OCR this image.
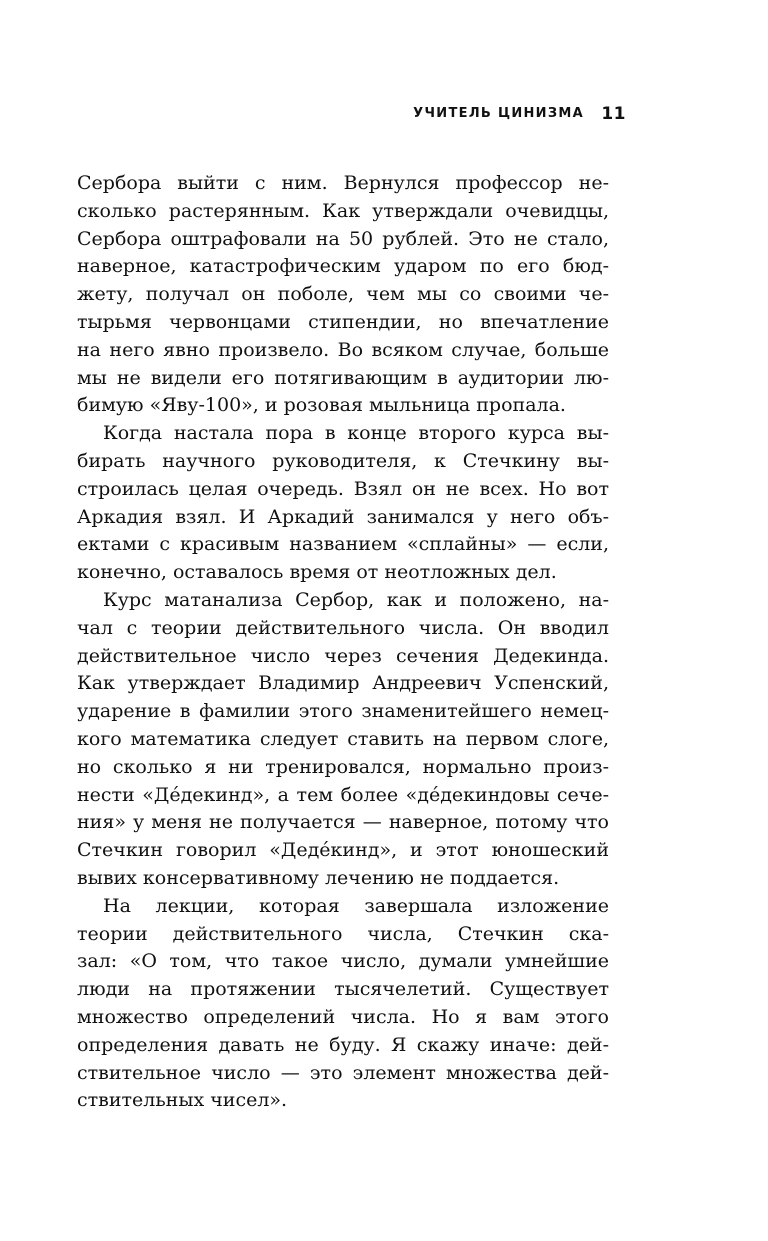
УЧИТЕЛЬ ЦИНИЗМА 11
Сербора выйти с ним. Вернулся профессор не-
сколько растерянным. Как утверждали очевидцы,
Сербора оштрафовали на 50 рублей. Это не стало,
наверное, катастрофическим ударом по его бюд-
жету, получал он поболе, чем мы со своими че-
тырьмя червонцами стипендии, но впечатление
на него явно произвело. Во всяком случае, больше
мы не видели его потягивающим в аудитории лю-
бимую «Яву-100», и розовая мыльница пропала.
Когда настала пора в конце второго курса вы-
бирать научного руководителя, к Стечкину вы-
строилась целая очередь. Взял он не всех. Но вот
Аркадия взял. И Аркадий занимался у него объ-
ектами с красивым названием «сплайны» — если,
конечно, оставалось время от неотложных дел.
Курс матанализа Сербор, как и положено, на-
чал с теории действительного числа. Он вводил
действительное число через сечения Дедекинда.
Как утверждает Владимир Андреевич Успенский,
ударение в фамилии этого знаменитейшего немец-
кого математика следует ставить на первом слоге,
но сколько я ни тренировался, нормально произ-
нести «Де́декинд», а тем более «де́декиндовы сече-
ния» у меня не получается — наверное, потому что
Стечкин говорил «Деде́кинд», и этот юношеский
вывих консервативному лечению не поддается.
На лекции, которая завершала изложение
теории действительного числа, Стечкин ска-
зал: «О том, что такое число, думали умнейшие
люди на протяжении тысячелетий. Существует
множество определений числа. Но я вам этого
определения давать не буду. Я скажу иначе: дей-
ствительное число — это элемент множества дей-
ствительных чисел».
